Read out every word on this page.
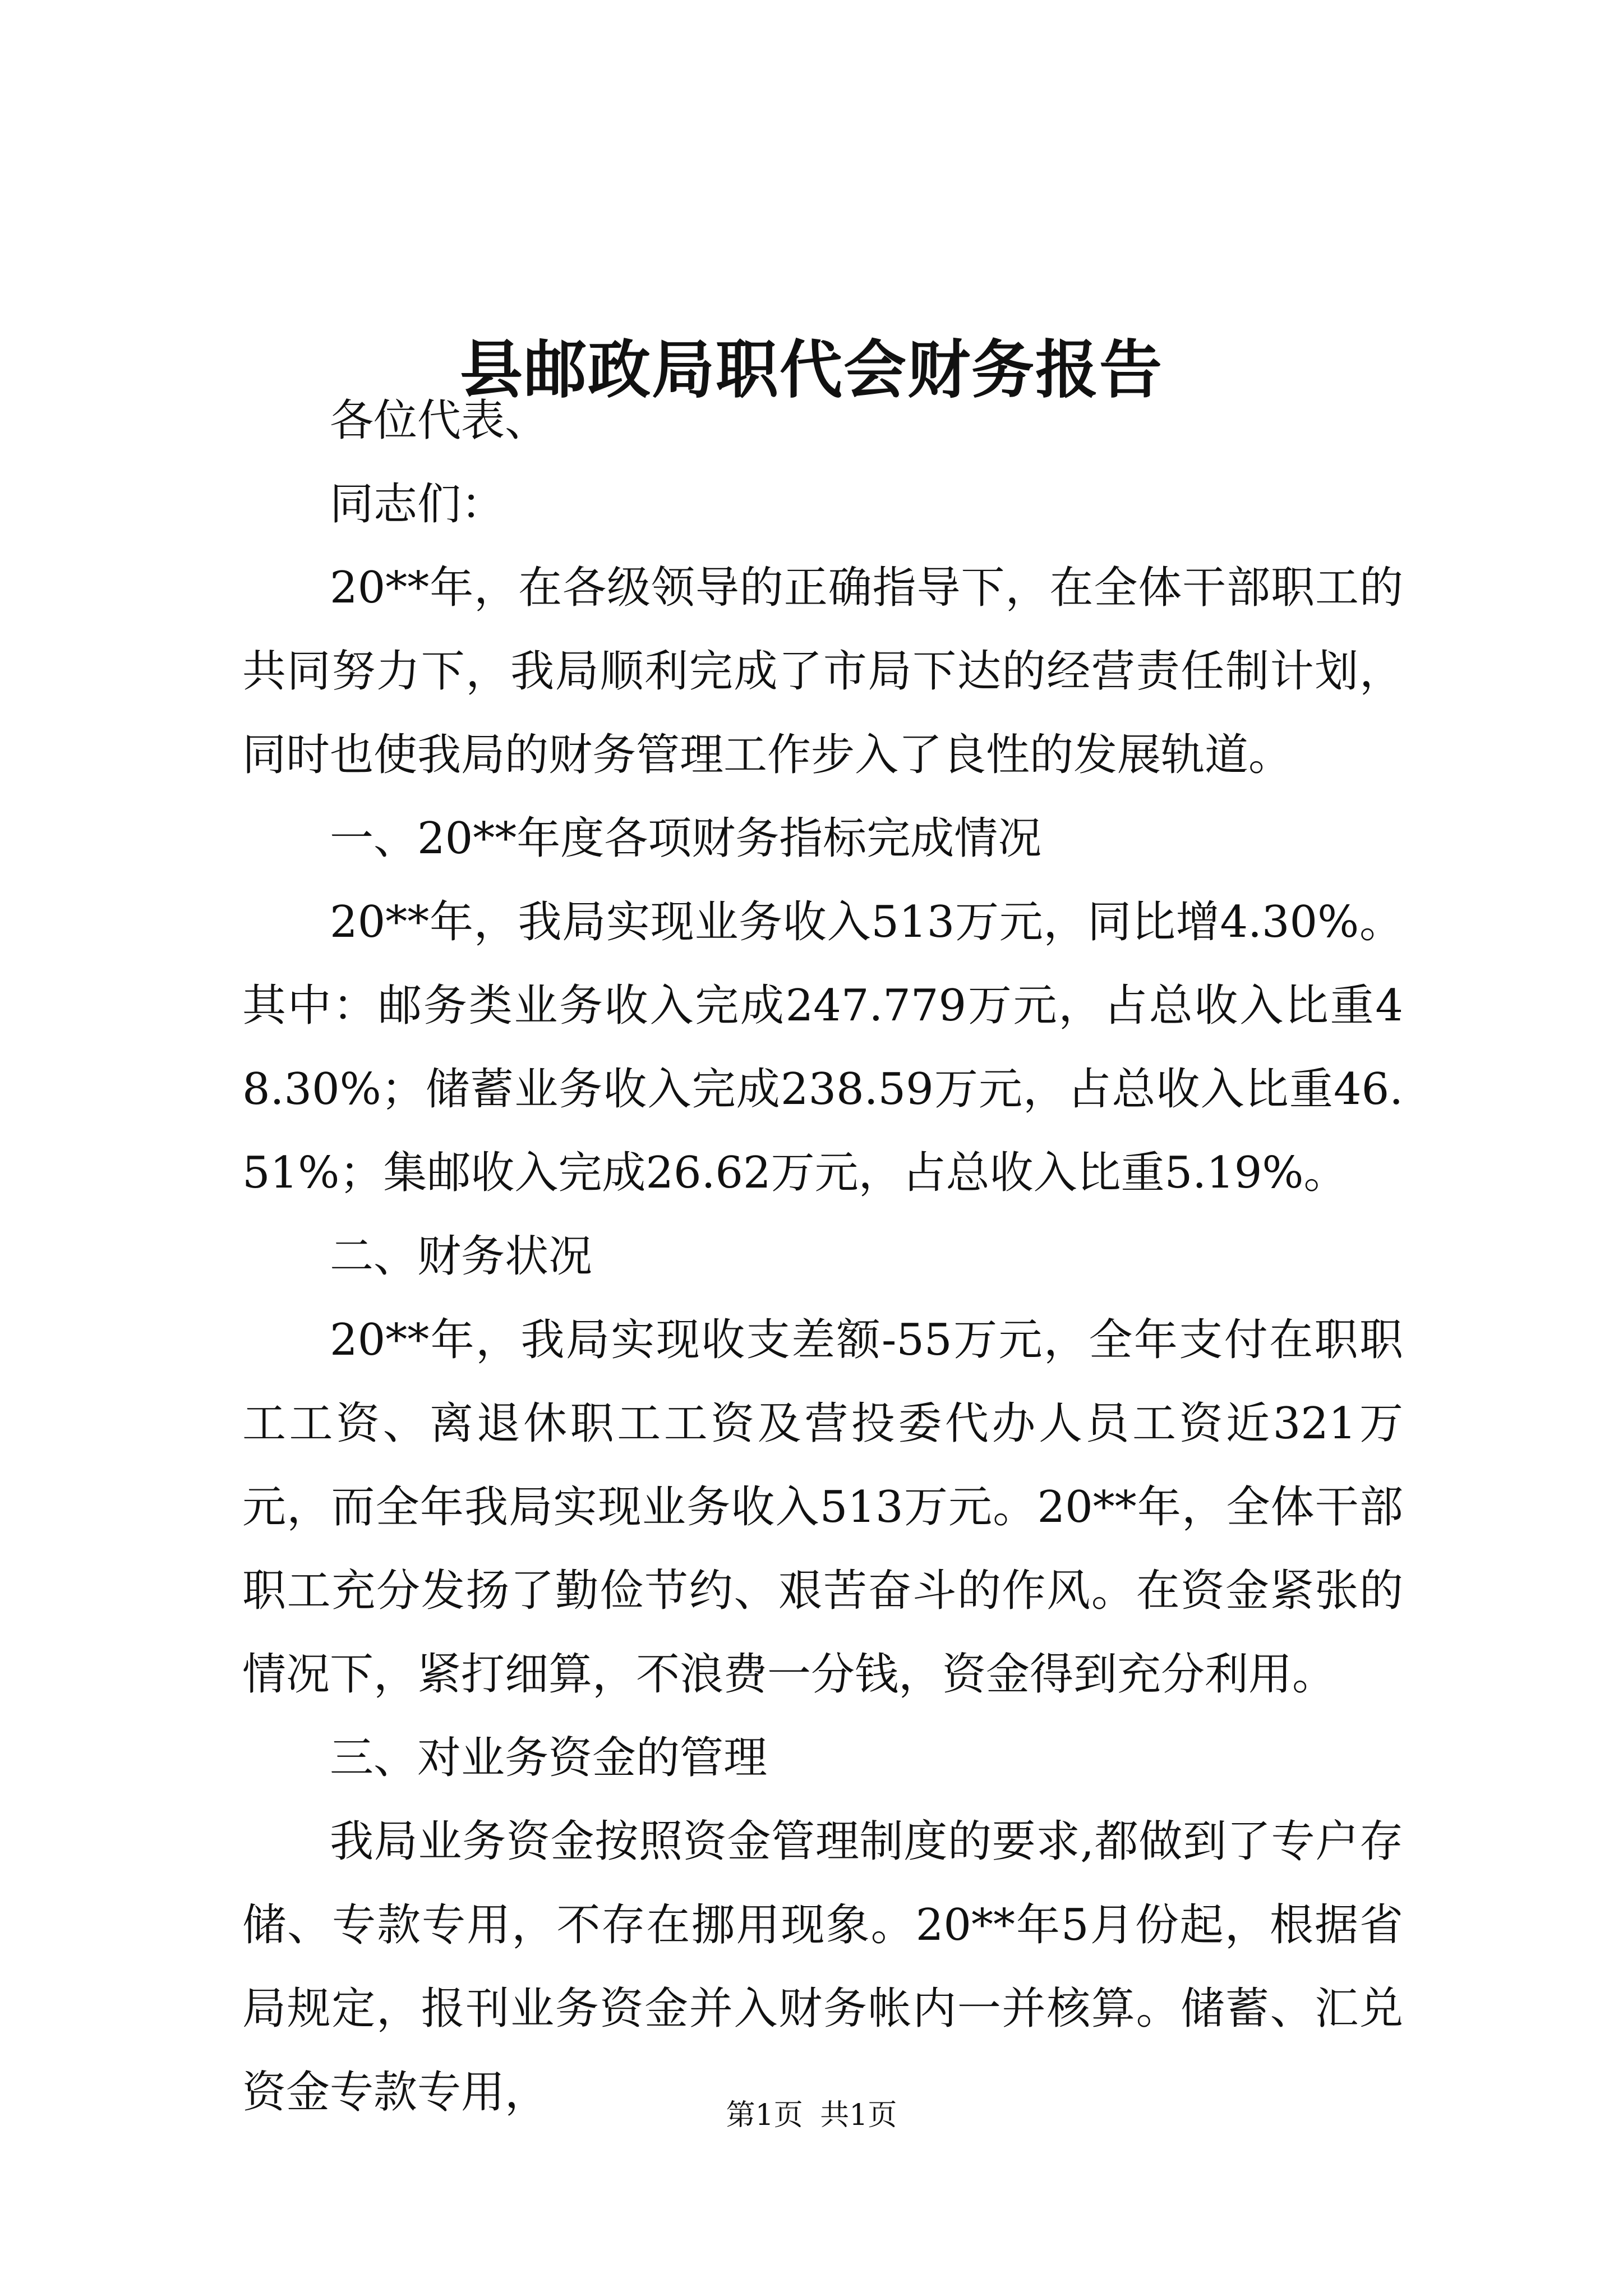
县邮政局职代会财务报告

各位代表、

同志们：

20**年，在各级领导的正确指导下，在全体干部职工的共同努力下，我局顺利完成了市局下达的经营责任制计划，同时也使我局的财务管理工作步入了良性的发展轨道。

一、20**年度各项财务指标完成情况

20**年，我局实现业务收入513万元，同比增4.30%。其中：邮务类业务收入完成247.779万元，占总收入比重48.30%；储蓄业务收入完成238.59万元，占总收入比重46.51%；集邮收入完成26.62万元，占总收入比重5.19%。

二、财务状况

20**年，我局实现收支差额-55万元，全年支付在职职工工资、离退休职工工资及营投委代办人员工资近321万元，而全年我局实现业务收入513万元。20**年，全体干部职工充分发扬了勤俭节约、艰苦奋斗的作风。在资金紧张的情况下，紧打细算，不浪费一分钱，资金得到充分利用。

三、对业务资金的管理

我局业务资金按照资金管理制度的要求,都做到了专户存储、专款专用，不存在挪用现象。20**年5月份起，根据省局规定，报刊业务资金并入财务帐内一并核算。储蓄、汇兑资金专款专用，	第1页 共1页
